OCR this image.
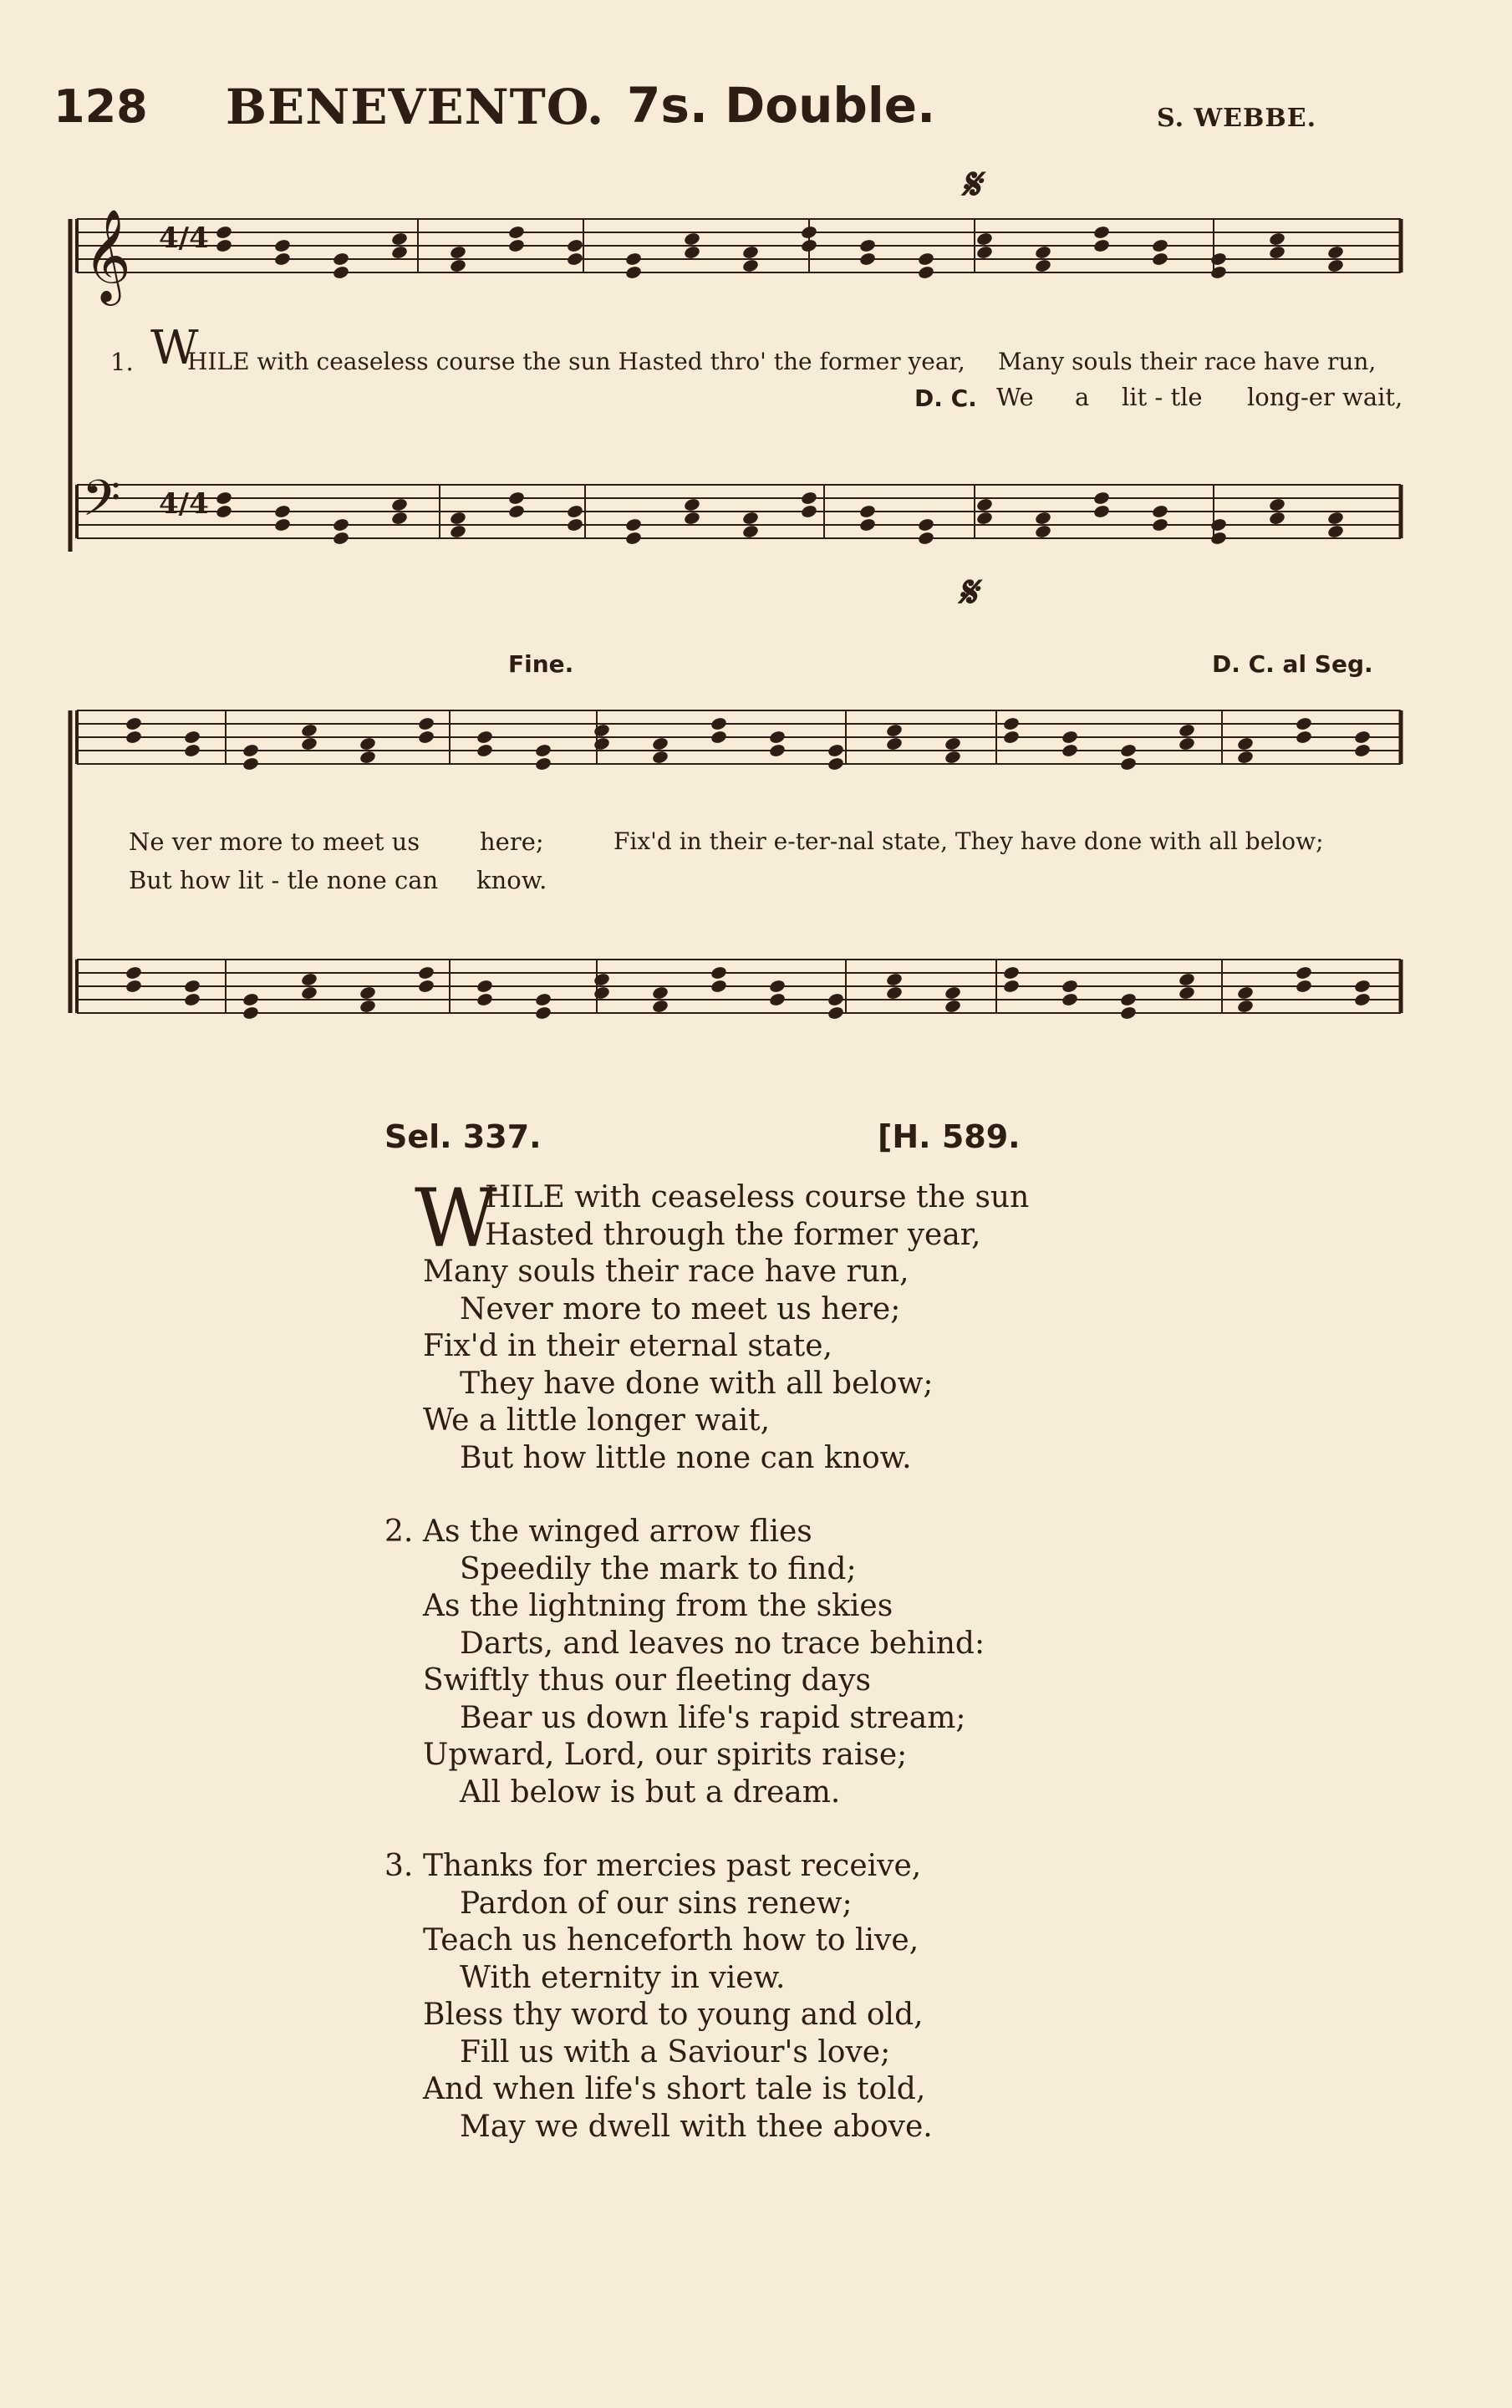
128 BENEVENTO. 7s. Double.	S. WEBBE.
𝄞
𝄢
4/4
4/4
𝄋
𝄋
1. W
HILE with ceaseless course the sun Hasted thro' the former year, Many souls their race have run,
D. C. We a lit - tle long-er wait,
Fine.	D. C. al Seg.
Ne ver more to meet us here;	Fix'd in their e-ter-nal state, They have done with all below;
But how lit - tle none can know.
Sel. 337.	[H. 589.
W
HILE with ceaseless course the sun
Hasted through the former year,
Many souls their race have run,
Never more to meet us here;
Fix'd in their eternal state,
They have done with all below;
We a little longer wait,
But how little none can know.
2. As the winged arrow flies
Speedily the mark to find;
As the lightning from the skies
Darts, and leaves no trace behind:
Swiftly thus our fleeting days
Bear us down life's rapid stream;
Upward, Lord, our spirits raise;
All below is but a dream.
3. Thanks for mercies past receive,
Pardon of our sins renew;
Teach us henceforth how to live,
With eternity in view.
Bless thy word to young and old,
Fill us with a Saviour's love;
And when life's short tale is told,
May we dwell with thee above.
